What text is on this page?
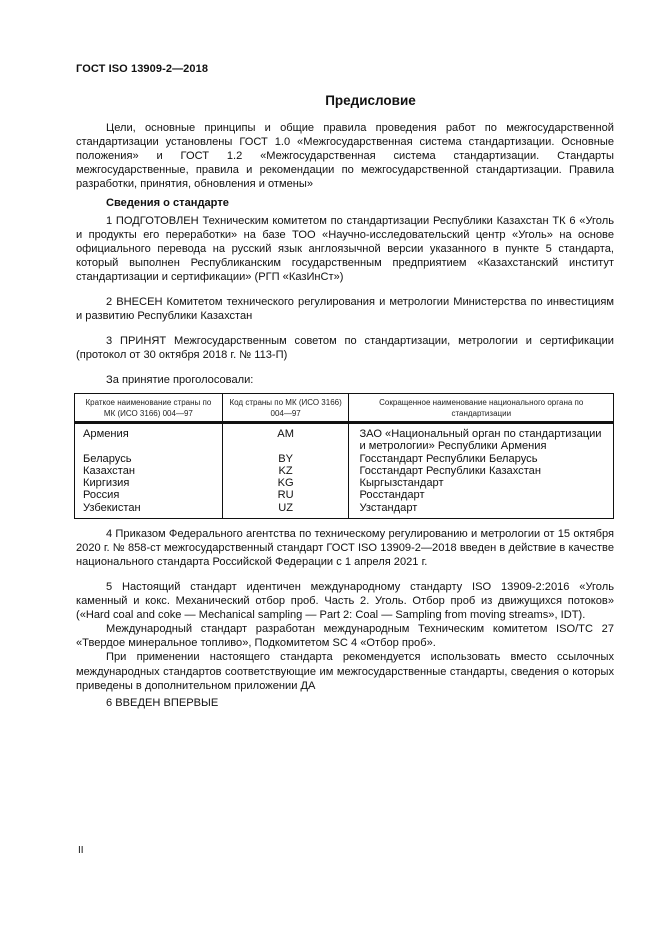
ГОСТ ISO 13909-2—2018
Предисловие

Цели, основные принципы и общие правила проведения работ по межгосударственной стандартизации установлены ГОСТ 1.0 «Межгосударственная система стандартизации. Основные положения» и ГОСТ 1.2 «Межгосударственная система стандартизации. Стандарты межгосударственные, правила и рекомендации по межгосударственной стандартизации. Правила разработки, принятия, обновления и отмены»

Сведения о стандарте

1 ПОДГОТОВЛЕН Техническим комитетом по стандартизации Республики Казахстан ТК 6 «Уголь и продукты его переработки» на базе ТОО «Научно-исследовательский центр «Уголь» на основе официального перевода на русский язык англоязычной версии указанного в пункте 5 стандарта, который выполнен Республиканским государственным предприятием «Казахстанский институт стандартизации и сертификации» (РГП «КазИнСт»)

2 ВНЕСЕН Комитетом технического регулирования и метрологии Министерства по инвестициям и развитию Республики Казахстан

3 ПРИНЯТ Межгосударственным советом по стандартизации, метрологии и сертификации (протокол от 30 октября 2018 г. № 113-П)

За принятие проголосовали:

Краткое наименование страны по МК (ИСО 3166) 004—97	Код страны по МК (ИСО 3166) 004—97	Сокращенное наименование национального органа по стандартизации
Армения	AM	ЗАО «Национальный орган по стандартизации и метрологии» Республики Армения
Беларусь	BY	Госстандарт Республики Беларусь
Казахстан	KZ	Госстандарт Республики Казахстан
Киргизия	KG	Кыргызстандарт
Россия	RU	Росстандарт
Узбекистан	UZ	Узстандарт

4 Приказом Федерального агентства по техническому регулированию и метрологии от 15 октября 2020 г. № 858-ст межгосударственный стандарт ГОСТ ISO 13909-2—2018 введен в действие в качестве национального стандарта Российской Федерации с 1 апреля 2021 г.

5 Настоящий стандарт идентичен международному стандарту ISO 13909-2:2016 «Уголь каменный и кокс. Механический отбор проб. Часть 2. Уголь. Отбор проб из движущихся потоков» («Hard coal and coke — Mechanical sampling — Part 2: Coal — Sampling from moving streams», IDT).

Международный стандарт разработан международным Техническим комитетом ISO/TC 27 «Твердое минеральное топливо», Подкомитетом SC 4 «Отбор проб».

При применении настоящего стандарта рекомендуется использовать вместо ссылочных международных стандартов соответствующие им межгосударственные стандарты, сведения о которых приведены в дополнительном приложении ДА

6 ВВЕДЕН ВПЕРВЫЕ

II
